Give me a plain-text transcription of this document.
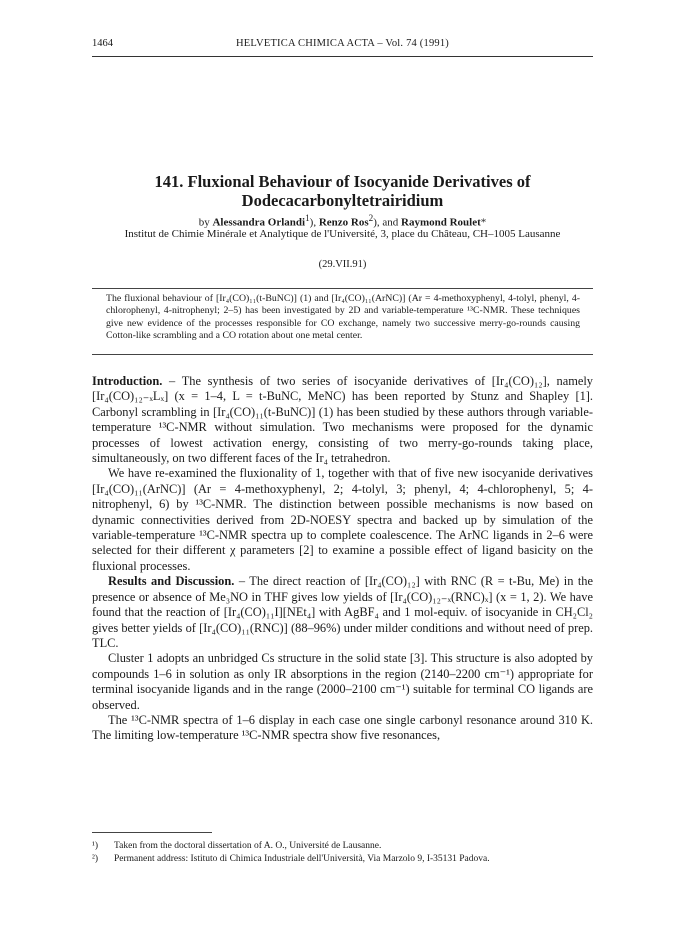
1464	HELVETICA CHIMICA ACTA – Vol. 74 (1991)
141. Fluxional Behaviour of Isocyanide Derivatives of
Dodecacarbonyltetrairidium
by Alessandra Orlandi$^1$), Renzo Ros$^2$), and Raymond Roulet*
Institut de Chimie Minérale et Analytique de l'Université, 3, place du Château, CH–1005 Lausanne
(29.VII.91)
The fluxional behaviour of [Ir₄(CO)₁₁(t-BuNC)] (1) and [Ir₄(CO)₁₁(ArNC)] (Ar = 4-methoxyphenyl, 4-tolyl, phenyl, 4-chlorophenyl, 4-nitrophenyl; 2–5) has been investigated by 2D and variable-temperature ¹³C-NMR. These techniques give new evidence of the processes responsible for CO exchange, namely two successive merry-go-rounds causing Cotton-like scrambling and a CO rotation about one metal center.

Introduction. – The synthesis of two series of isocyanide derivatives of [Ir₄(CO)₁₂], namely [Ir₄(CO)₁₂₋ₓLₓ] (x = 1–4, L = t-BuNC, MeNC) has been reported by Stunz and Shapley [1]. Carbonyl scrambling in [Ir₄(CO)₁₁(t-BuNC)] (1) has been studied by these authors through variable-temperature ¹³C-NMR without simulation. Two mechanisms were proposed for the dynamic processes of lowest activation energy, consisting of two merry-go-rounds taking place, simultaneously, on two different faces of the Ir₄ tetrahedron.

We have re-examined the fluxionality of 1, together with that of five new isocyanide derivatives [Ir₄(CO)₁₁(ArNC)] (Ar = 4-methoxyphenyl, 2; 4-tolyl, 3; phenyl, 4; 4-chlorophenyl, 5; 4-nitrophenyl, 6) by ¹³C-NMR. The distinction between possible mechanisms is now based on dynamic connectivities derived from 2D-NOESY spectra and backed up by simulation of the variable-temperature ¹³C-NMR spectra up to complete coalescence. The ArNC ligands in 2–6 were selected for their different χ parameters [2] to examine a possible effect of ligand basicity on the fluxional processes.

Results and Discussion. – The direct reaction of [Ir₄(CO)₁₂] with RNC (R = t-Bu, Me) in the presence or absence of Me₃NO in THF gives low yields of [Ir₄(CO)₁₂₋ₓ(RNC)ₓ] (x = 1, 2). We have found that the reaction of [Ir₄(CO)₁₁I][NEt₄] with AgBF₄ and 1 mol-equiv. of isocyanide in CH₂Cl₂ gives better yields of [Ir₄(CO)₁₁(RNC)] (88–96%) under milder conditions and without need of prep. TLC.

Cluster 1 adopts an unbridged Cs structure in the solid state [3]. This structure is also adopted by compounds 1–6 in solution as only IR absorptions in the region (2140–2200 cm⁻¹) appropriate for terminal isocyanide ligands and in the range (2000–2100 cm⁻¹) suitable for terminal CO ligands are observed.

The ¹³C-NMR spectra of 1–6 display in each case one single carbonyl resonance around 310 K. The limiting low-temperature ¹³C-NMR spectra show five resonances,

¹)	Taken from the doctoral dissertation of A. O., Université de Lausanne.
²)	Permanent address: Istituto di Chimica Industriale dell'Università, Via Marzolo 9, I-35131 Padova.
